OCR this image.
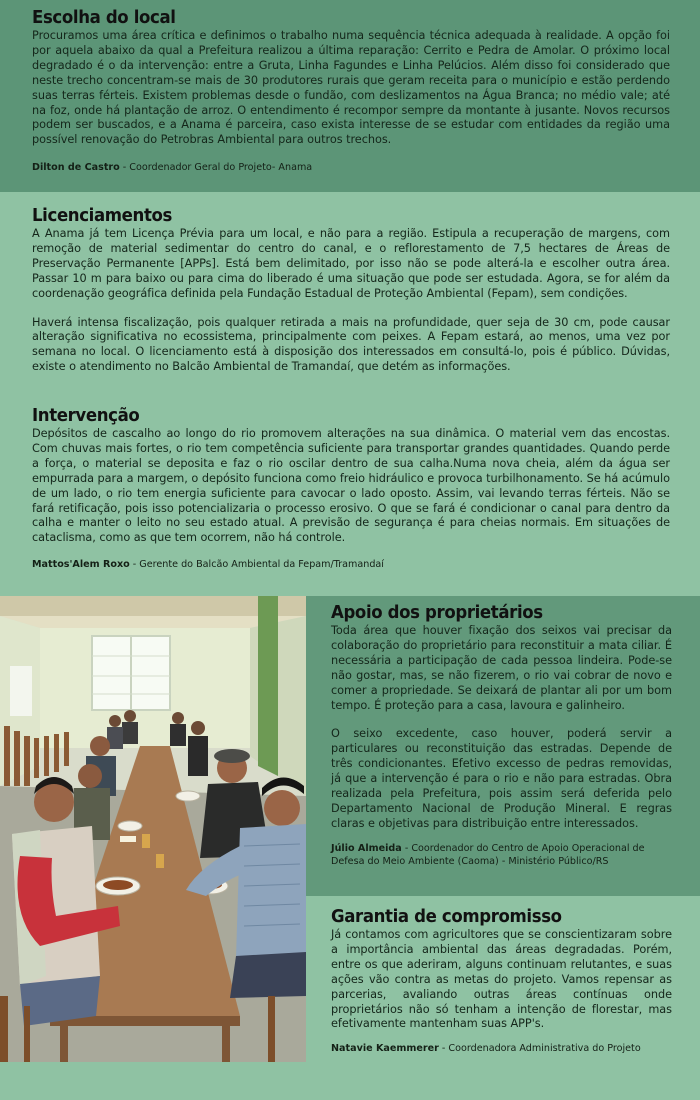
Escolha do local

Procuramos uma área crítica e definimos o trabalho numa sequência técnica adequada à realidade. A opção foi por aquela abaixo da qual a Prefeitura realizou a última reparação: Cerrito e Pedra de Amolar. O próximo local degradado é o da intervenção: entre a Gruta, Linha Fagundes e Linha Pelúcios. Além disso foi considerado que neste trecho concentram-se mais de 30 produtores rurais que geram receita para o município e estão perdendo suas terras férteis. Existem problemas desde o fundão, com deslizamentos na Água Branca; no médio vale; até na foz, onde há plantação de arroz. O entendimento é recompor sempre da montante à jusante. Novos recursos podem ser buscados, e a Anama é parceira, caso exista interesse de se estudar com entidades da região uma possível renovação do Petrobras Ambiental para outros trechos.

Dilton de Castro - Coordenador Geral do Projeto- Anama
Licenciamentos

A Anama já tem Licença Prévia para um local, e não para a região. Estipula a recuperação de margens, com remoção de material sedimentar do centro do canal, e o reflorestamento de 7,5 hectares de Áreas de Preservação Permanente [APPs]. Está bem delimitado, por isso não se pode alterá-la e escolher outra área. Passar 10 m para baixo ou para cima do liberado é uma situação que pode ser estudada. Agora, se for além da coordenação geográfica definida pela Fundação Estadual de Proteção Ambiental (Fepam), sem condições.

Haverá intensa fiscalização, pois qualquer retirada a mais na profundidade, quer seja de 30 cm, pode causar alteração significativa no ecossistema, principalmente com peixes. A Fepam estará, ao menos, uma vez por semana no local. O licenciamento está à disposição dos interessados em consultá-lo, pois é público. Dúvidas, existe o atendimento no Balcão Ambiental de Tramandaí, que detém as informações.

Intervenção

Depósitos de cascalho ao longo do rio promovem alterações na sua dinâmica. O material vem das encostas. Com chuvas mais fortes, o rio tem competência suficiente para transportar grandes quantidades. Quando perde a força, o material se deposita e faz o rio oscilar dentro de sua calha.Numa nova cheia, além da água ser empurrada para a margem, o depósito funciona como freio hidráulico e provoca turbilhonamento. Se há acúmulo de um lado, o rio tem energia suficiente para cavocar o lado oposto. Assim, vai levando terras férteis. Não se fará retificação, pois isso potencializaria o processo erosivo. O que se fará é condicionar o canal para dentro da calha e manter o leito no seu estado atual. A previsão de segurança é para cheias normais. Em situações de cataclisma, como as que tem ocorrem, não há controle.

Mattos'Alem Roxo - Gerente do Balcão Ambiental da Fepam/Tramandaí
Apoio dos proprietários

Toda área que houver fixação dos seixos vai precisar da colaboração do proprietário para reconstituir a mata ciliar. É necessária a participação de cada pessoa lindeira. Pode-se não gostar, mas, se não fizerem, o rio vai cobrar de novo e comer a propriedade. Se deixará de plantar ali por um bom tempo. É proteção para a casa, lavoura e galinheiro.

O seixo excedente, caso houver, poderá servir a particulares ou reconstituição das estradas. Depende de três condicionantes. Efetivo excesso de pedras removidas, já que a intervenção é para o rio e não para estradas. Obra realizada pela Prefeitura, pois assim será deferida pelo Departamento Nacional de Produção Mineral. E regras claras e objetivas para distribuição entre interessados.

Júlio Almeida - Coordenador do Centro de Apoio Operacional de Defesa do Meio Ambiente (Caoma) - Ministério Público/RS
Garantia de compromisso

Já contamos com agricultores que se conscientizaram sobre a importância ambiental das áreas degradadas. Porém, entre os que aderiram, alguns continuam relutantes, e suas ações vão contra as metas do projeto. Vamos repensar as parcerias, avaliando outras áreas contínuas onde proprietários não só tenham a intenção de florestar, mas efetivamente mantenham suas APP's.

Natavie Kaemmerer - Coordenadora Administrativa do Projeto
